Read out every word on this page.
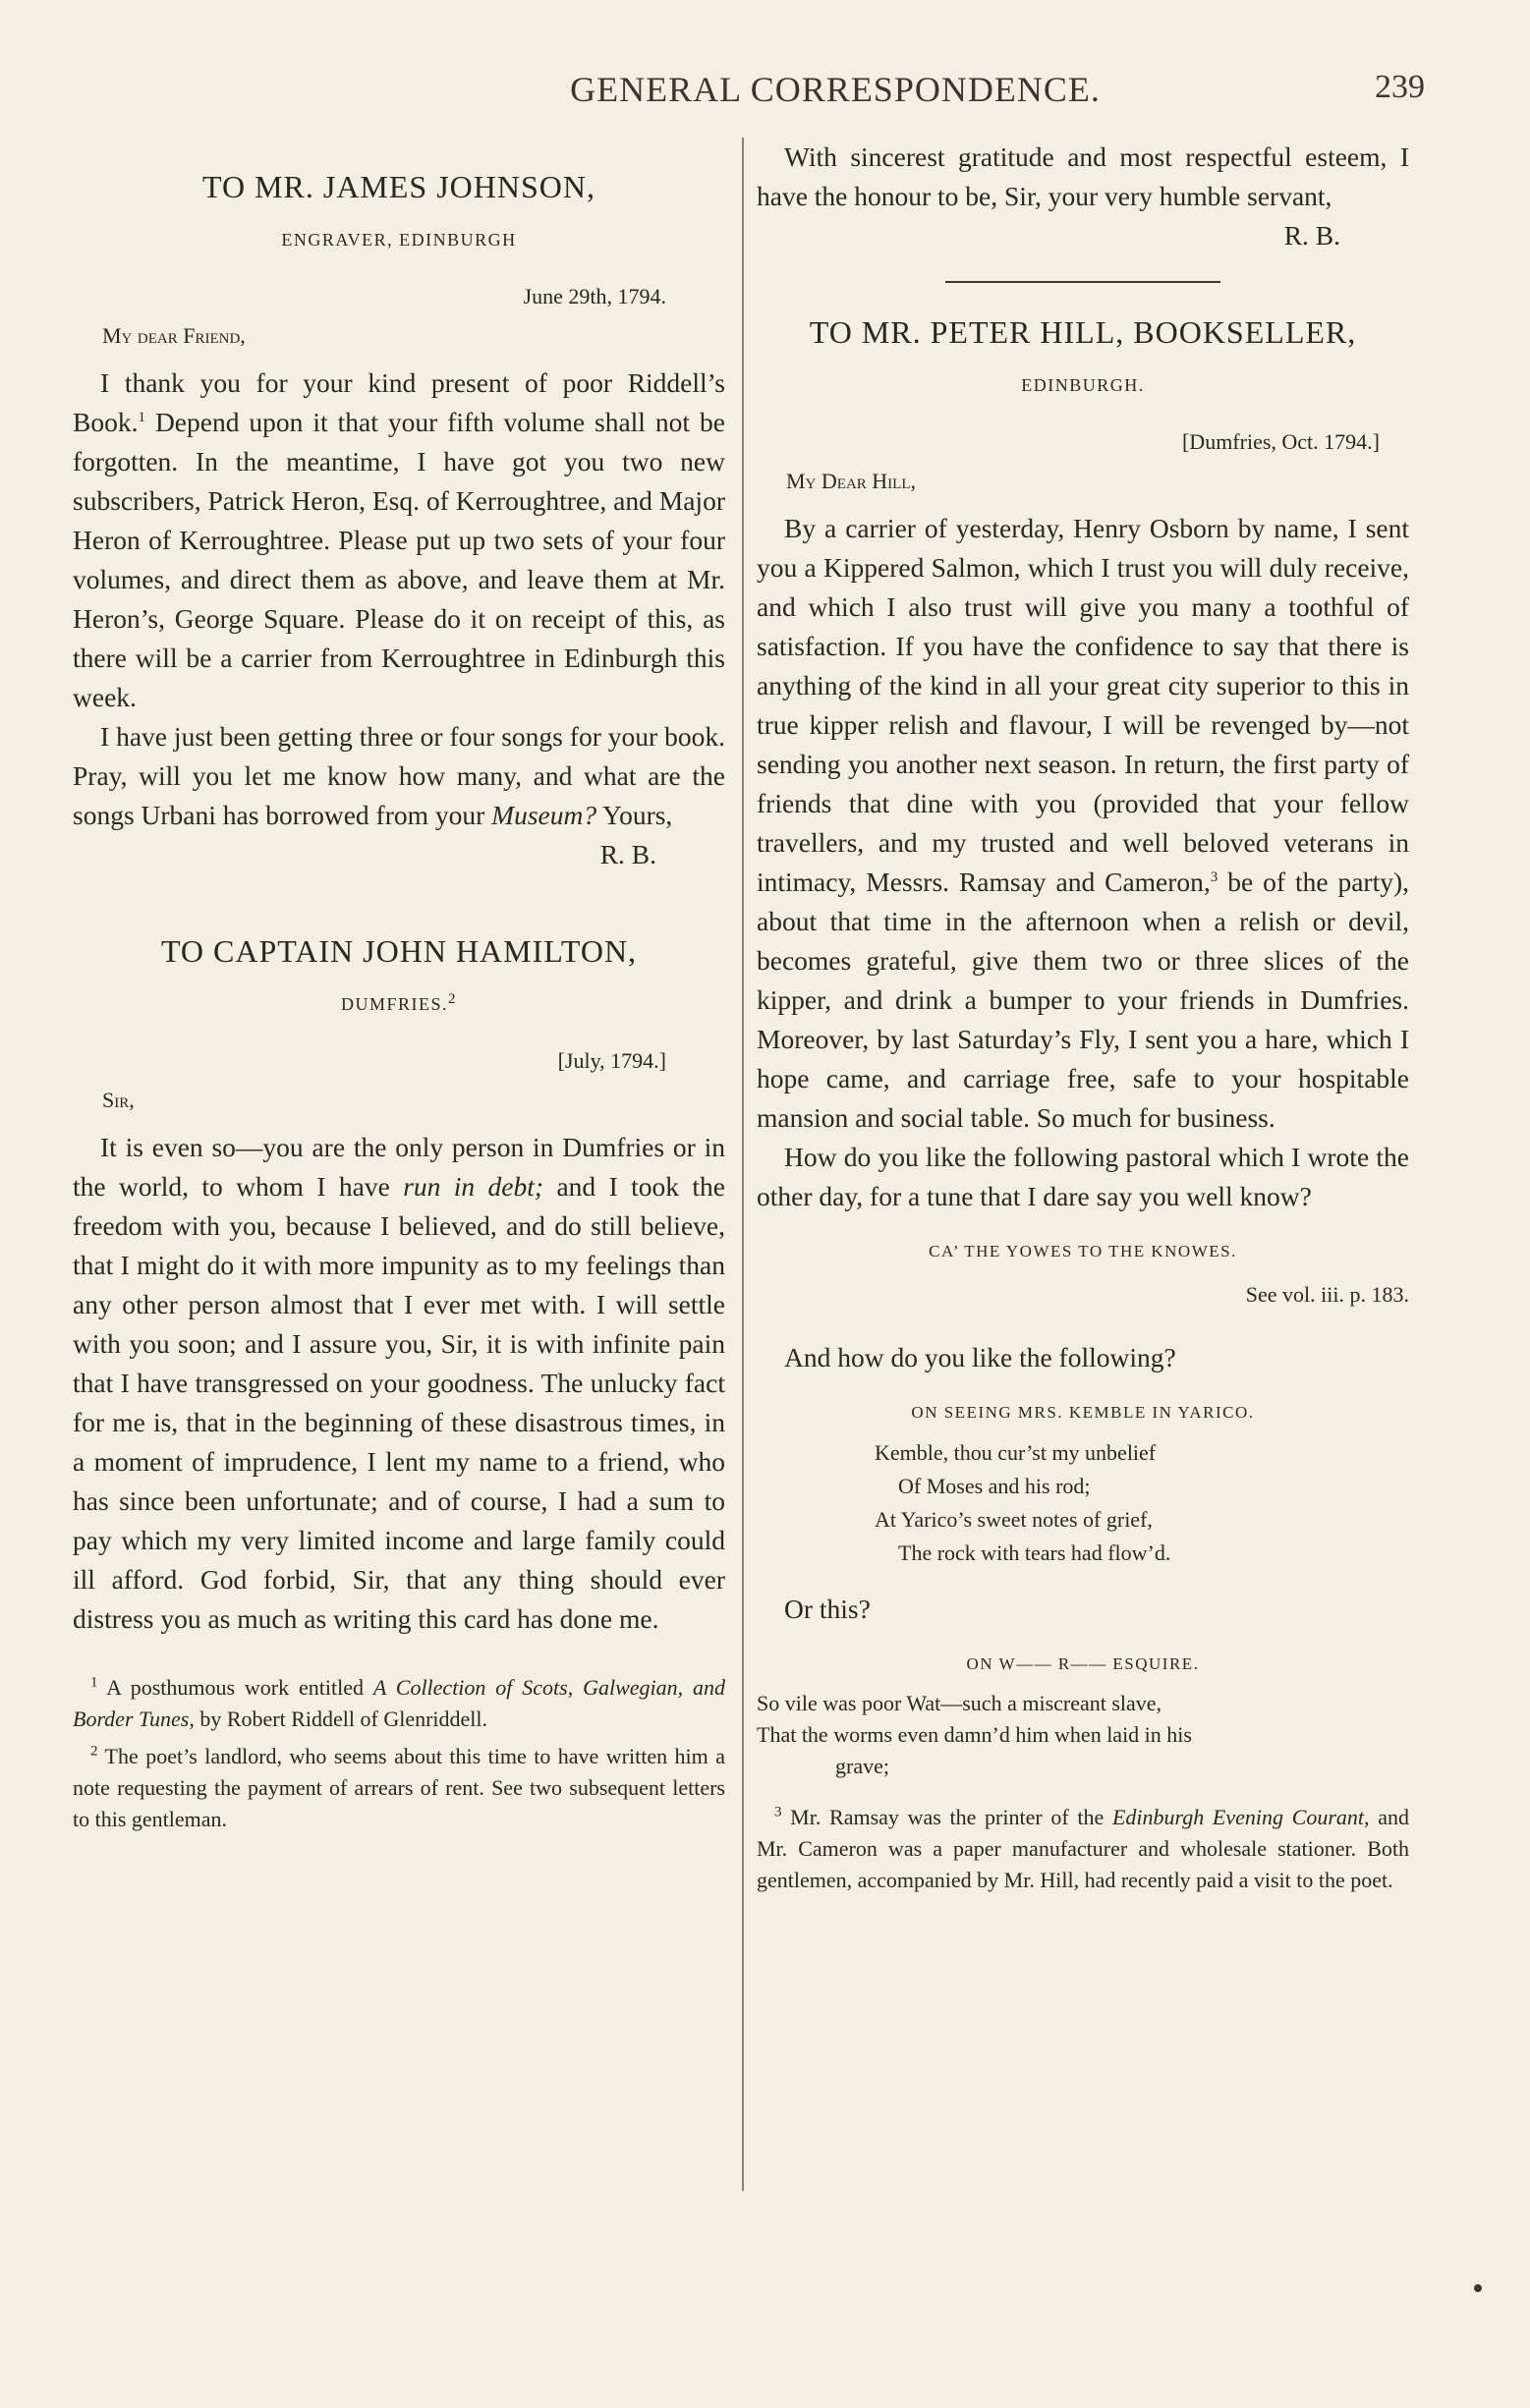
GENERAL CORRESPONDENCE.	239
TO MR. JAMES JOHNSON,
ENGRAVER, EDINBURGH
June 29th, 1794.
My dear Friend,

I thank you for your kind present of poor Riddell’s Book.$^1$ Depend upon it that your fifth volume shall not be forgotten. In the meantime, I have got you two new subscribers, Patrick Heron, Esq. of Kerroughtree, and Major Heron of Kerroughtree. Please put up two sets of your four volumes, and direct them as above, and leave them at Mr. Heron’s, George Square. Please do it on receipt of this, as there will be a carrier from Kerroughtree in Edinburgh this week.

I have just been getting three or four songs for your book. Pray, will you let me know how many, and what are the songs Urbani has borrowed from your Museum? Yours,

R. B.

TO CAPTAIN JOHN HAMILTON,
DUMFRIES.$^2$
[July, 1794.]
Sir,

It is even so—you are the only person in Dumfries or in the world, to whom I have run in debt; and I took the freedom with you, because I believed, and do still believe, that I might do it with more impunity as to my feelings than any other person almost that I ever met with. I will settle with you soon; and I assure you, Sir, it is with infinite pain that I have transgressed on your goodness. The unlucky fact for me is, that in the beginning of these disastrous times, in a moment of imprudence, I lent my name to a friend, who has since been unfortunate; and of course, I had a sum to pay which my very limited income and large family could ill afford. God forbid, Sir, that any thing should ever distress you as much as writing this card has done me.

$^1$ A posthumous work entitled A Collection of Scots, Galwegian, and Border Tunes, by Robert Riddell of Glenriddell.

$^2$ The poet’s landlord, who seems about this time to have written him a note requesting the payment of arrears of rent. See two subsequent letters to this gentleman.

With sincerest gratitude and most respectful esteem, I have the honour to be, Sir, your very humble servant,

R. B.

TO MR. PETER HILL, BOOKSELLER,
EDINBURGH.
[Dumfries, Oct. 1794.]
My Dear Hill,

By a carrier of yesterday, Henry Osborn by name, I sent you a Kippered Salmon, which I trust you will duly receive, and which I also trust will give you many a toothful of satisfaction. If you have the confidence to say that there is anything of the kind in all your great city superior to this in true kipper relish and flavour, I will be revenged by—not sending you another next season. In return, the first party of friends that dine with you (provided that your fellow travellers, and my trusted and well beloved veterans in intimacy, Messrs. Ramsay and Cameron,$^3$ be of the party), about that time in the afternoon when a relish or devil, becomes grateful, give them two or three slices of the kipper, and drink a bumper to your friends in Dumfries. Moreover, by last Saturday’s Fly, I sent you a hare, which I hope came, and carriage free, safe to your hospitable mansion and social table. So much for business.

How do you like the following pastoral which I wrote the other day, for a tune that I dare say you well know?

CA’ THE YOWES TO THE KNOWES.
See vol. iii. p. 183.

And how do you like the following?

ON SEEING MRS. KEMBLE IN YARICO.
Kemble, thou cur’st my unbelief
Of Moses and his rod;
At Yarico’s sweet notes of grief,
The rock with tears had flow’d.

Or this?

ON W—— R—— ESQUIRE.
So vile was poor Wat—such a miscreant slave,
That the worms even damn’d him when laid in his
grave;

$^3$ Mr. Ramsay was the printer of the Edinburgh Evening Courant, and Mr. Cameron was a paper manufacturer and wholesale stationer. Both gentlemen, accompanied by Mr. Hill, had recently paid a visit to the poet.
